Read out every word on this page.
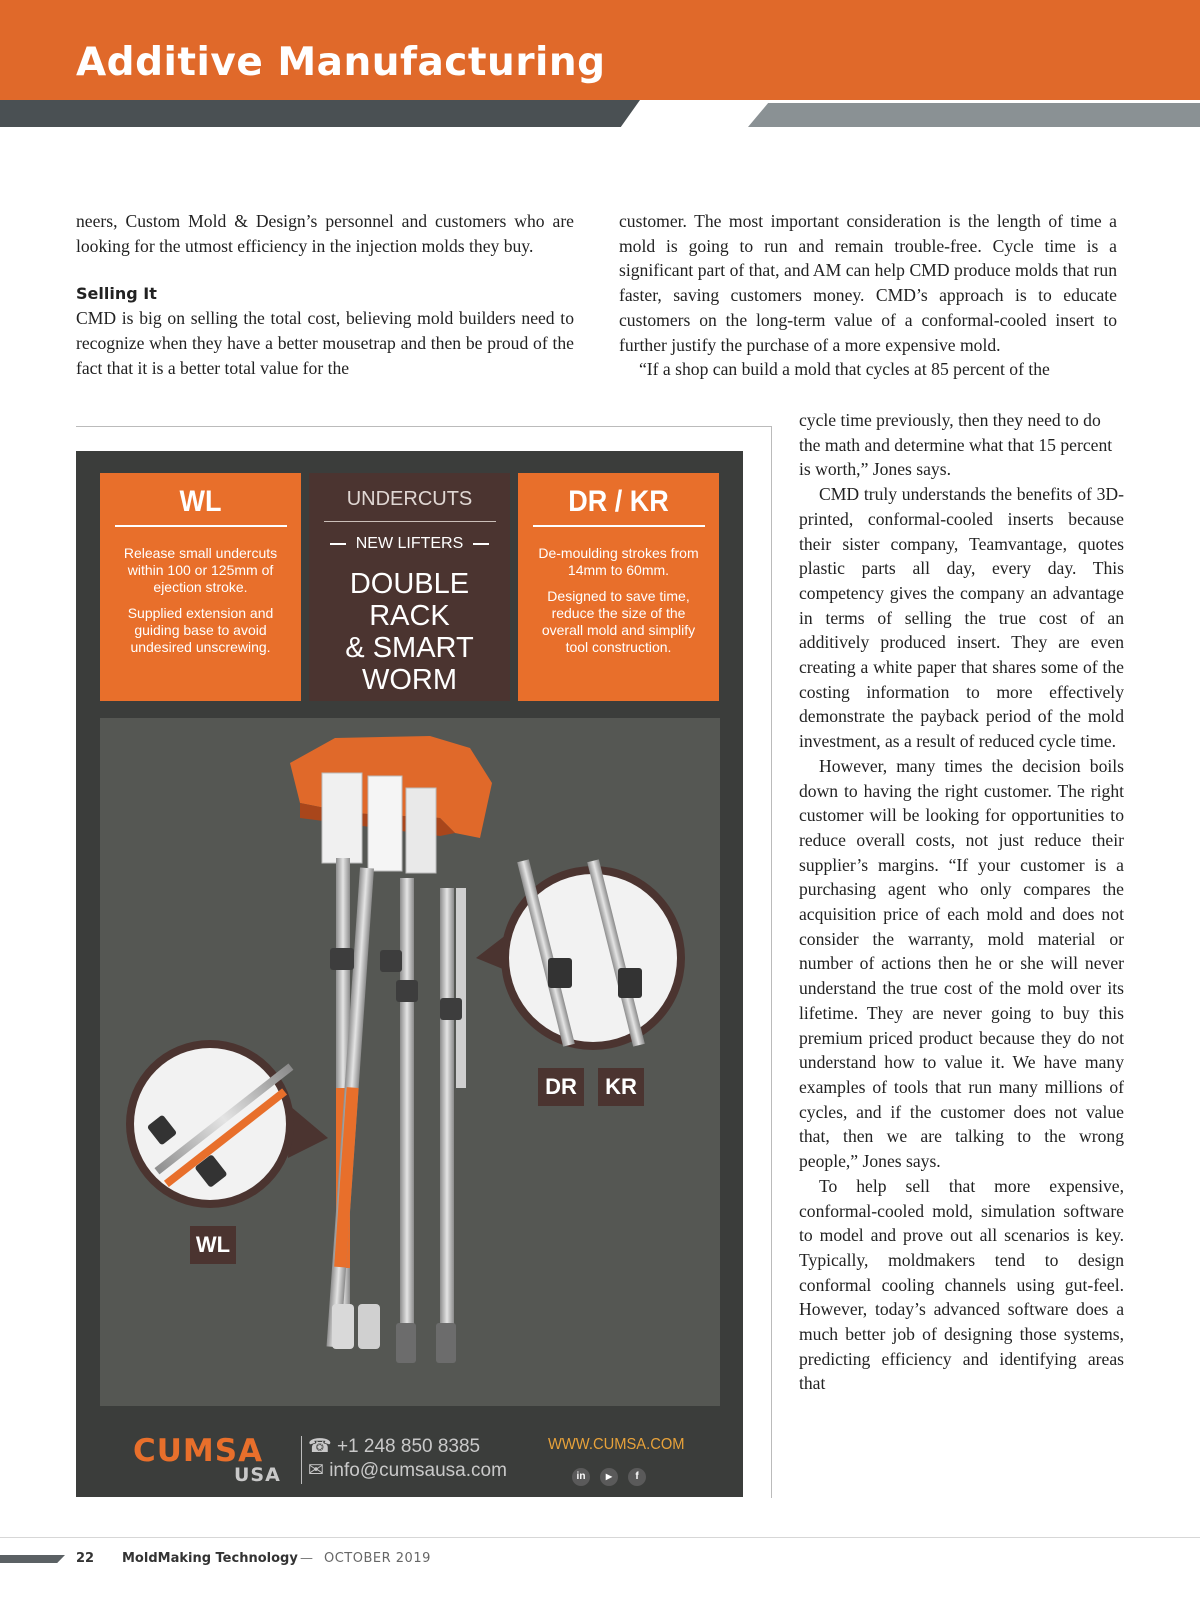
Additive Manufacturing

neers, Custom Mold & Design’s personnel and customers who are looking for the utmost efficiency in the injection molds they buy.

Selling It

CMD is big on selling the total cost, believing mold builders need to recognize when they have a better mousetrap and then be proud of the fact that it is a better total value for the

customer. The most important consideration is the length of time a mold is going to run and remain trouble-free. Cycle time is a significant part of that, and AM can help CMD produce molds that run faster, saving customers money. CMD’s approach is to educate customers on the long-term value of a conformal-cooled insert to further justify the purchase of a more expensive mold.

“If a shop can build a mold that cycles at 85 percent of the

cycle time previously, then they need to do the math and determine what that 15 percent is worth,” Jones says.

CMD truly understands the benefits of 3D-printed, conformal-cooled inserts because their sister company, Teamvantage, quotes plastic parts all day, every day. This competency gives the company an advantage in terms of selling the true cost of an additively produced insert. They are even creating a white paper that shares some of the costing information to more effectively demonstrate the payback period of the mold investment, as a result of reduced cycle time.

However, many times the decision boils down to having the right customer. The right customer will be looking for opportunities to reduce overall costs, not just reduce their supplier’s margins. “If your customer is a purchasing agent who only compares the acquisition price of each mold and does not consider the warranty, mold material or number of actions then he or she will never understand the true cost of the mold over its lifetime. They are never going to buy this premium priced product because they do not understand how to value it. We have many examples of tools that run many millions of cycles, and if the customer does not value that, then we are talking to the wrong people,” Jones says.

To help sell that more expensive, conformal-cooled mold, simulation software to model and prove out all scenarios is key. Typically, moldmakers tend to design conformal cooling channels using gut-feel. However, today’s advanced software does a much better job of designing those systems, predicting efficiency and identifying areas that

WL
Release small undercuts within 100 or 125mm of ejection stroke.
Supplied extension and guiding base to avoid undesired unscrewing.
UNDERCUTS
NEW LIFTERS
DOUBLE
RACK
& SMART
WORM
DR / KR
De-moulding strokes from 14mm to 60mm.
Designed to save time, reduce the size of the overall mold and simplify tool construction.
DR	KR
WL
CUMSA
USA
☎ +1 248 850 8385
✉ info@cumsausa.com
WWW.CUMSA.COM
in	▶	f
22 MoldMaking Technology — OCTOBER 2019
